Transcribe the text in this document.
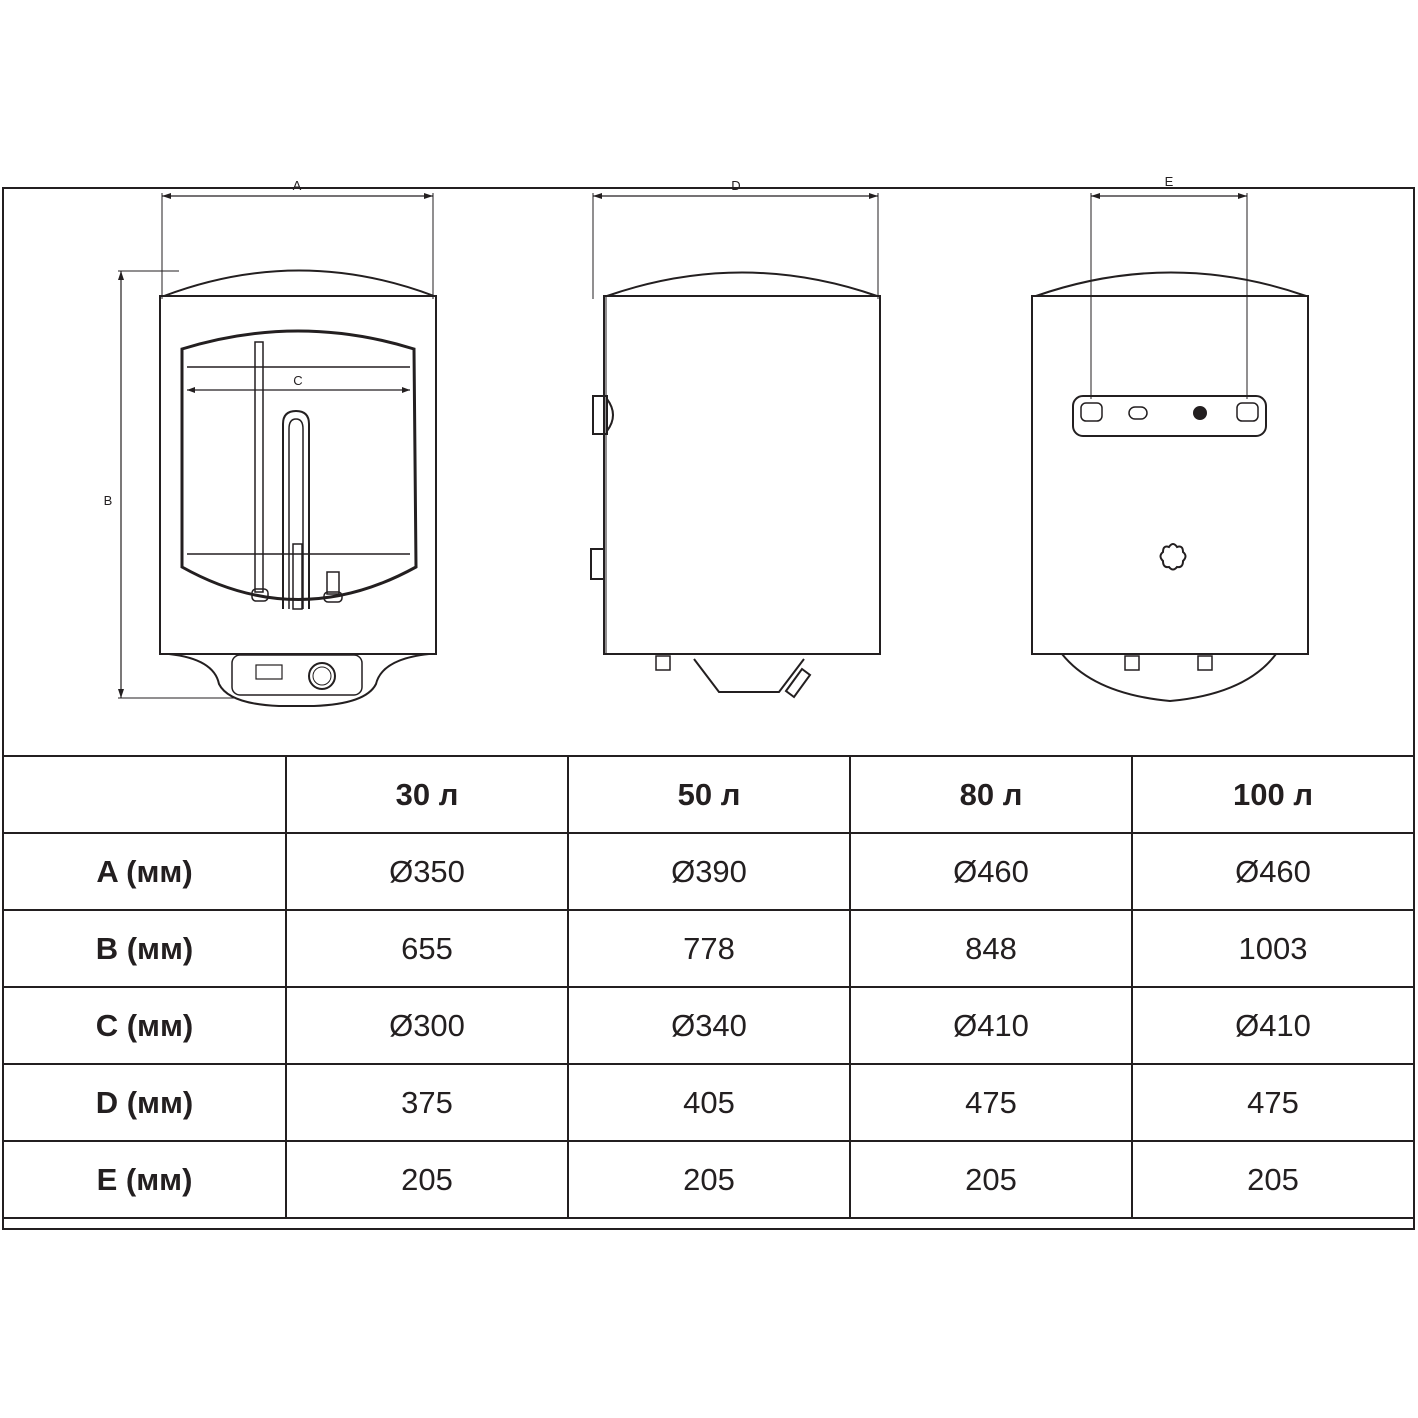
A
B
C
D	E
	30 л	50 л	80 л	100 л
A (мм)	Ø350	Ø390	Ø460	Ø460
B (мм)	655	778	848	1003
C (мм)	Ø300	Ø340	Ø410	Ø410
D (мм)	375	405	475	475
E (мм)	205	205	205	205
